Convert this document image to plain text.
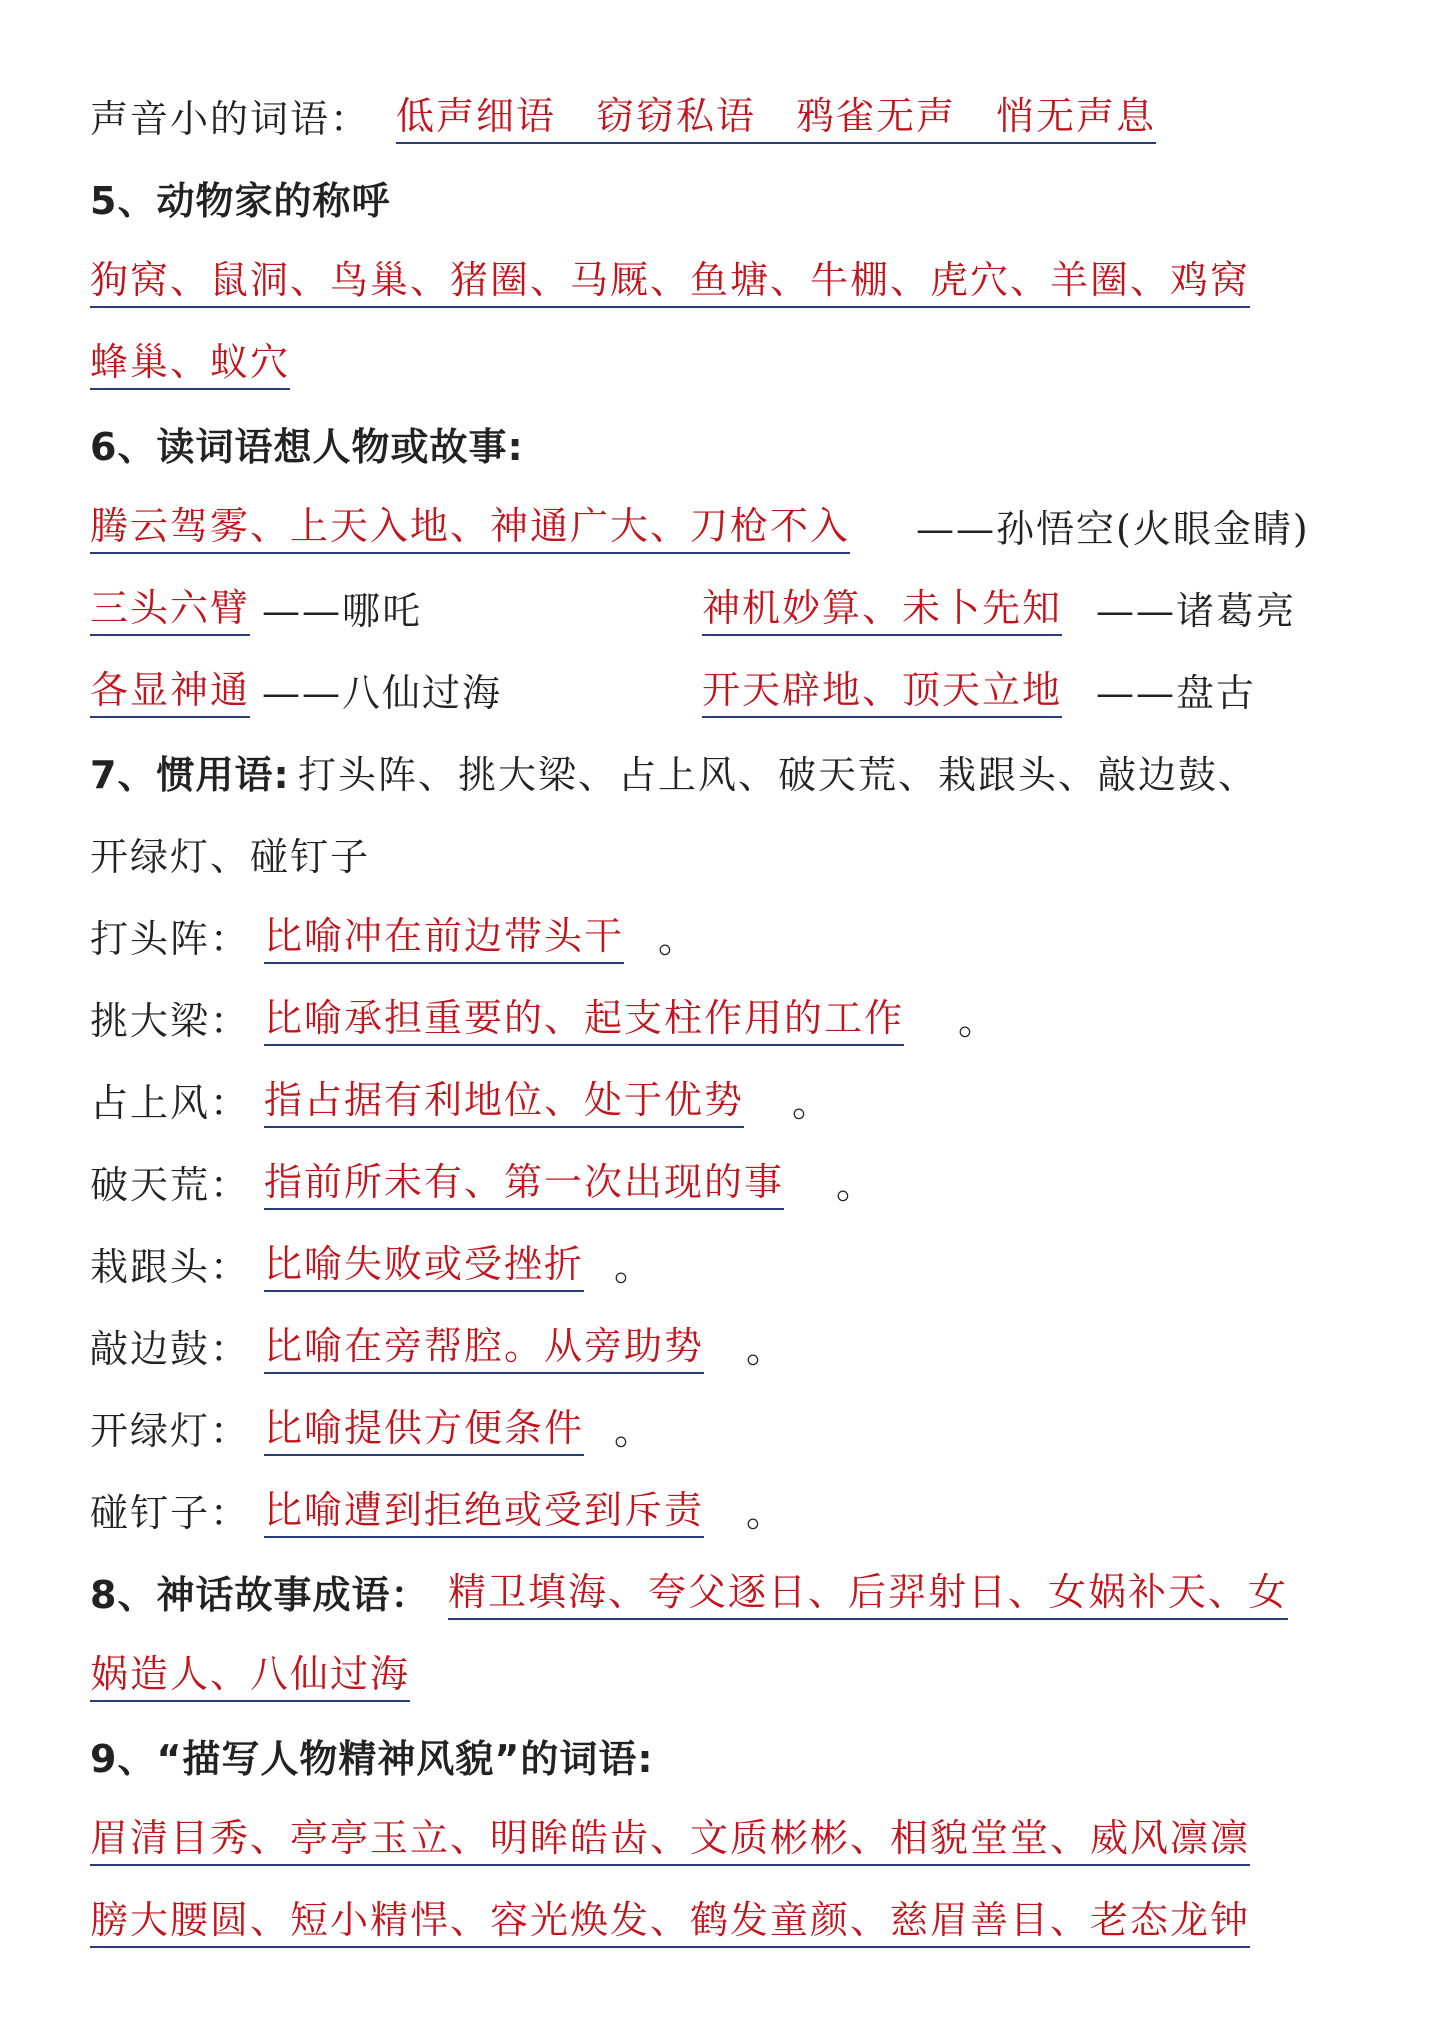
声音小的词语： 低声细语　窃窃私语　鸦雀无声　悄无声息
5、动物家的称呼
狗窝、鼠洞、鸟巢、猪圈、马厩、鱼塘、牛棚、虎穴、羊圈、鸡窝
蜂巢、蚁穴
6、读词语想人物或故事:
腾云驾雾、上天入地、神通广大、刀枪不入 ——孙悟空(火眼金睛)
三头六臂 ——哪吒	神机妙算、未卜先知 ——诸葛亮
各显神通 ——八仙过海	开天辟地、顶天立地 ——盘古
7、惯用语: 打头阵、挑大梁、占上风、破天荒、栽跟头、敲边鼓、
开绿灯、碰钉子
打头阵： 比喻冲在前边带头干 。
挑大梁： 比喻承担重要的、起支柱作用的工作 。
占上风： 指占据有利地位、处于优势 。
破天荒： 指前所未有、第一次出现的事 。
栽跟头： 比喻失败或受挫折 。
敲边鼓： 比喻在旁帮腔。从旁助势 。
开绿灯： 比喻提供方便条件 。
碰钉子： 比喻遭到拒绝或受到斥责 。
8、神话故事成语： 精卫填海、夸父逐日、后羿射日、女娲补天、女
娲造人、八仙过海
9、“描写人物精神风貌”的词语:
眉清目秀、亭亭玉立、明眸皓齿、文质彬彬、相貌堂堂、威风凛凛
膀大腰圆、短小精悍、容光焕发、鹤发童颜、慈眉善目、老态龙钟
